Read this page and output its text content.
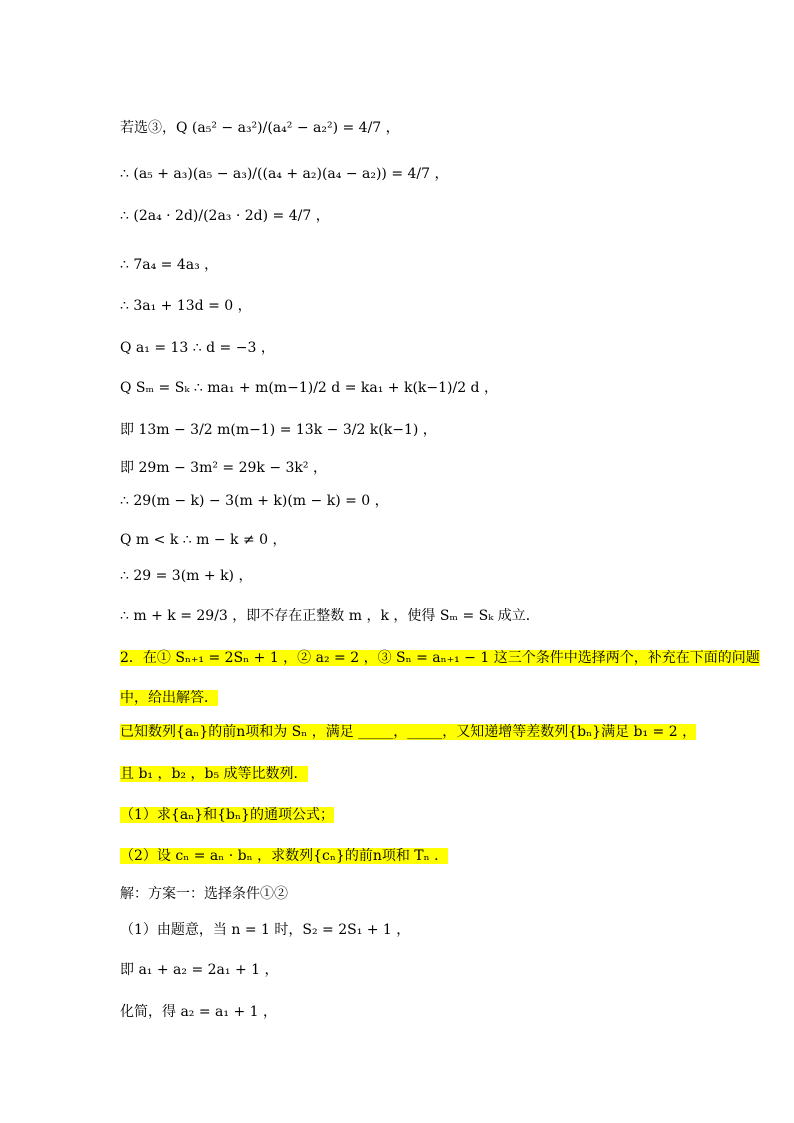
若选③，Q (a₅² − a₃²)/(a₄² − a₂²) = 4/7 ，
∴ (a₅ + a₃)(a₅ − a₃)/((a₄ + a₂)(a₄ − a₂)) = 4/7 ，
∴ (2a₄ · 2d)/(2a₃ · 2d) = 4/7 ，
∴ 7a₄ = 4a₃ ，
∴ 3a₁ + 13d = 0 ，
Q a₁ = 13 ∴ d = −3 ，
Q Sₘ = Sₖ ∴ ma₁ + m(m−1)/2 d = ka₁ + k(k−1)/2 d ，
即 13m − 3/2 m(m−1) = 13k − 3/2 k(k−1) ，
即 29m − 3m² = 29k − 3k² ，
∴ 29(m − k) − 3(m + k)(m − k) = 0 ，
Q m < k ∴ m − k ≠ 0 ，
∴ 29 = 3(m + k) ，
∴ m + k = 29/3 ，即不存在正整数 m ，k ，使得 Sₘ = Sₖ 成立．
2．在① Sₙ₊₁ = 2Sₙ + 1 ，② a₂ = 2 ，③ Sₙ = aₙ₊₁ − 1 这三个条件中选择两个，补充在下面的问题
中，给出解答．
已知数列{aₙ}的前n项和为 Sₙ ，满足 _____，_____，又知递增等差数列{bₙ}满足 b₁ = 2 ，
且 b₁ ，b₂ ，b₅ 成等比数列．
（1）求{aₙ}和{bₙ}的通项公式；
（2）设 cₙ = aₙ · bₙ ，求数列{cₙ}的前n项和 Tₙ ．
解：方案一：选择条件①②
（1）由题意，当 n = 1 时，S₂ = 2S₁ + 1 ，
即 a₁ + a₂ = 2a₁ + 1 ，
化简，得 a₂ = a₁ + 1 ，
